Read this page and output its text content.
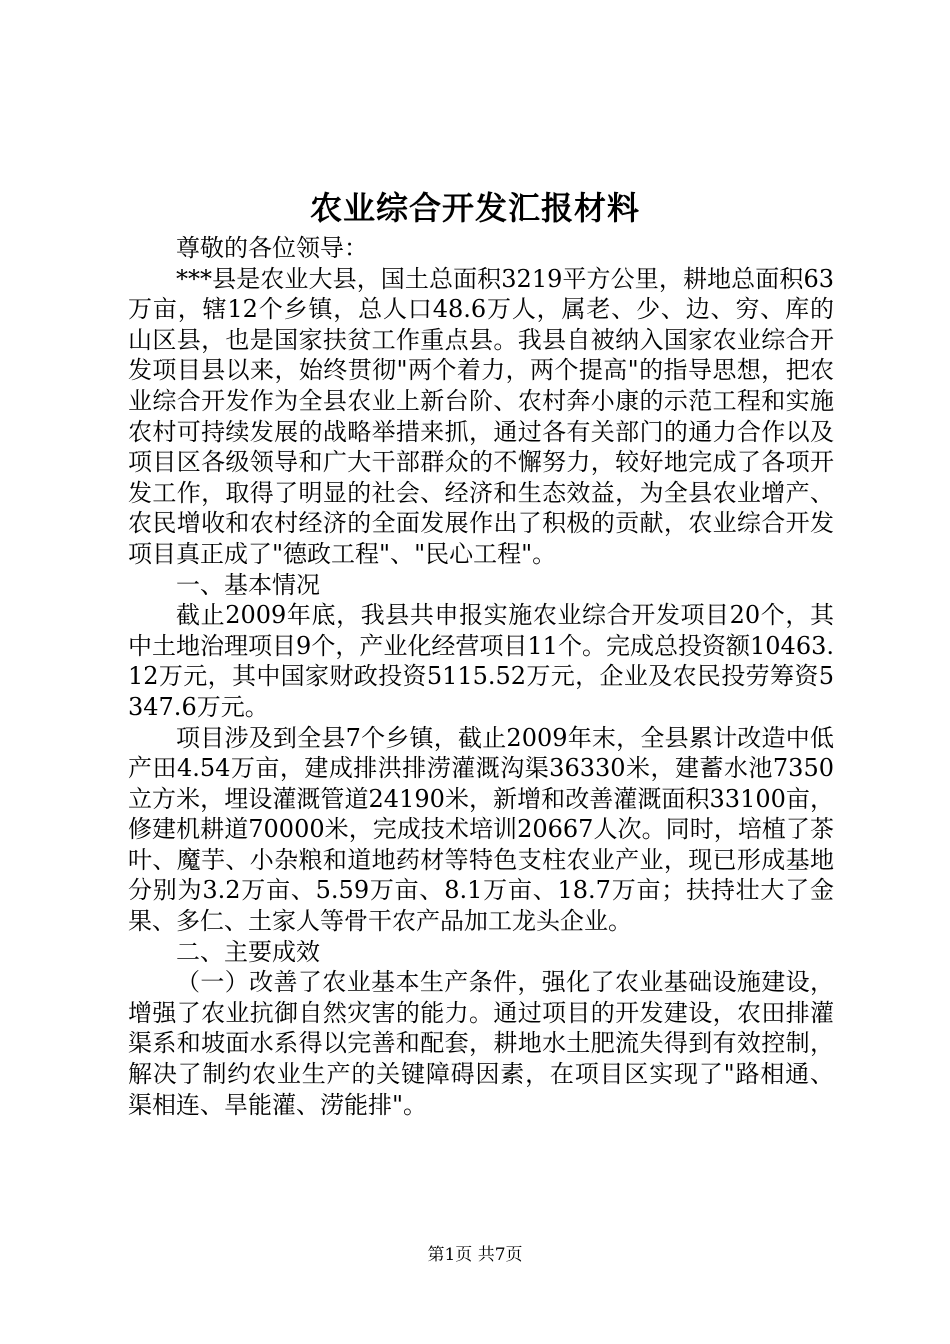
农业综合开发汇报材料

尊敬的各位领导：

***县是农业大县，国土总面积3219平方公里，耕地总面积63万亩，辖12个乡镇，总人口48.6万人，属老、少、边、穷、库的山区县，也是国家扶贫工作重点县。我县自被纳入国家农业综合开发项目县以来，始终贯彻"两个着力，两个提高"的指导思想，把农业综合开发作为全县农业上新台阶、农村奔小康的示范工程和实施农村可持续发展的战略举措来抓，通过各有关部门的通力合作以及项目区各级领导和广大干部群众的不懈努力，较好地完成了各项开发工作，取得了明显的社会、经济和生态效益，为全县农业增产、农民增收和农村经济的全面发展作出了积极的贡献，农业综合开发项目真正成了"德政工程"、"民心工程"。

一、基本情况

截止2009年底，我县共申报实施农业综合开发项目20个，其中土地治理项目9个，产业化经营项目11个。完成总投资额10463.12万元，其中国家财政投资5115.52万元，企业及农民投劳筹资5347.6万元。

项目涉及到全县7个乡镇，截止2009年末，全县累计改造中低产田4.54万亩，建成排洪排涝灌溉沟渠36330米，建蓄水池7350立方米，埋设灌溉管道24190米，新增和改善灌溉面积33100亩，修建机耕道70000米，完成技术培训20667人次。同时，培植了茶叶、魔芋、小杂粮和道地药材等特色支柱农业产业，现已形成基地分别为3.2万亩、5.59万亩、8.1万亩、18.7万亩；扶持壮大了金果、多仁、土家人等骨干农产品加工龙头企业。

二、主要成效

（一）改善了农业基本生产条件，强化了农业基础设施建设，增强了农业抗御自然灾害的能力。通过项目的开发建设，农田排灌渠系和坡面水系得以完善和配套，耕地水土肥流失得到有效控制，解决了制约农业生产的关键障碍因素，在项目区实现了"路相通、渠相连、旱能灌、涝能排"。

第1页 共7页
